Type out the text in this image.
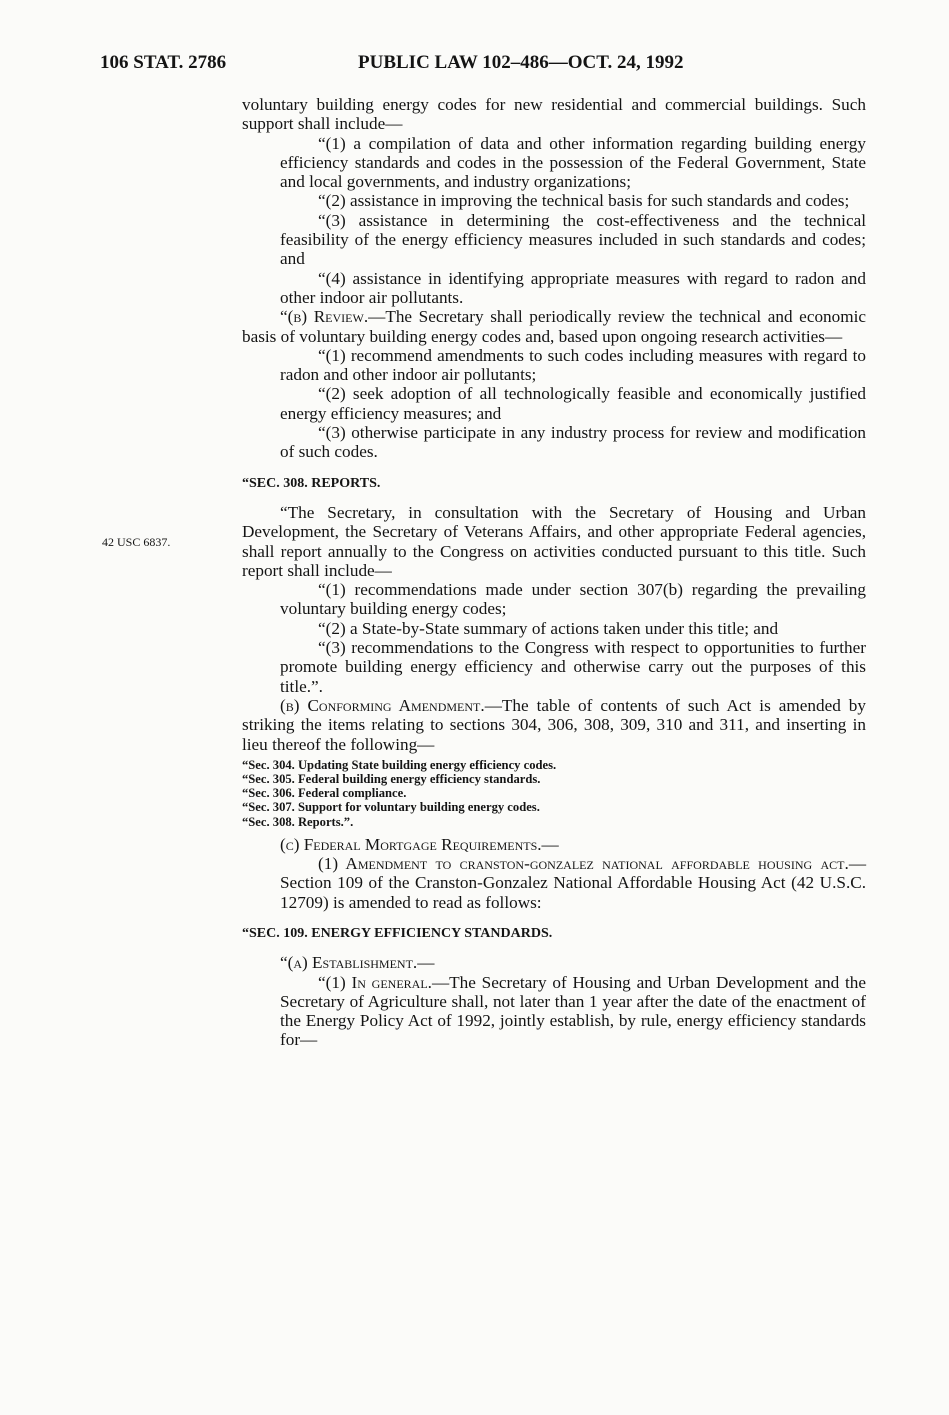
106 STAT. 2786	PUBLIC LAW 102–486—OCT. 24, 1992
42 USC 6837.

voluntary building energy codes for new residential and commercial buildings. Such support shall include—

“(1) a compilation of data and other information regarding building energy efficiency standards and codes in the possession of the Federal Government, State and local governments, and industry organizations;

“(2) assistance in improving the technical basis for such standards and codes;

“(3) assistance in determining the cost-effectiveness and the technical feasibility of the energy efficiency measures included in such standards and codes; and

“(4) assistance in identifying appropriate measures with regard to radon and other indoor air pollutants.

“(b) Review.—The Secretary shall periodically review the technical and economic basis of voluntary building energy codes and, based upon ongoing research activities—

“(1) recommend amendments to such codes including measures with regard to radon and other indoor air pollutants;

“(2) seek adoption of all technologically feasible and economically justified energy efficiency measures; and

“(3) otherwise participate in any industry process for review and modification of such codes.

“SEC. 308. REPORTS.

“The Secretary, in consultation with the Secretary of Housing and Urban Development, the Secretary of Veterans Affairs, and other appropriate Federal agencies, shall report annually to the Congress on activities conducted pursuant to this title. Such report shall include—

“(1) recommendations made under section 307(b) regarding the prevailing voluntary building energy codes;

“(2) a State-by-State summary of actions taken under this title; and

“(3) recommendations to the Congress with respect to opportunities to further promote building energy efficiency and otherwise carry out the purposes of this title.”.

(b) Conforming Amendment.—The table of contents of such Act is amended by striking the items relating to sections 304, 306, 308, 309, 310 and 311, and inserting in lieu thereof the following—

“Sec. 304. Updating State building energy efficiency codes.
“Sec. 305. Federal building energy efficiency standards.
“Sec. 306. Federal compliance.
“Sec. 307. Support for voluntary building energy codes.
“Sec. 308. Reports.”.

(c) Federal Mortgage Requirements.—

(1) Amendment to cranston-gonzalez national affordable housing act.—Section 109 of the Cranston-Gonzalez National Affordable Housing Act (42 U.S.C. 12709) is amended to read as follows:

“SEC. 109. ENERGY EFFICIENCY STANDARDS.

“(a) Establishment.—

“(1) In general.—The Secretary of Housing and Urban Development and the Secretary of Agriculture shall, not later than 1 year after the date of the enactment of the Energy Policy Act of 1992, jointly establish, by rule, energy efficiency standards for—
